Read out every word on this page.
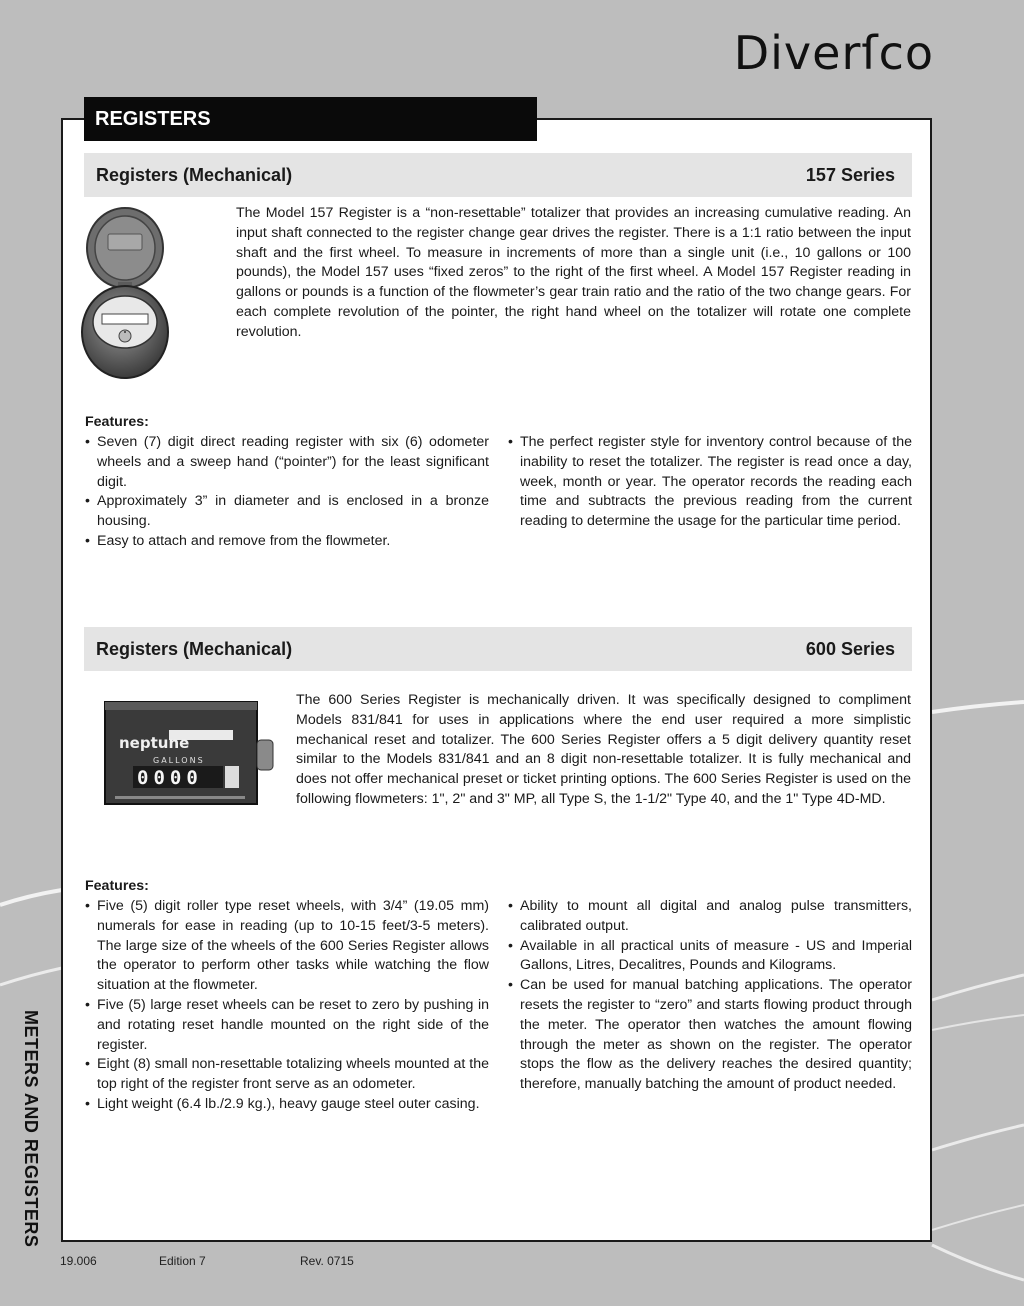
Diverſco
REGISTERS
Registers (Mechanical)	157 Series

The Model 157 Register is a “non-resettable” totalizer that provides an increasing cumulative reading. An input shaft connected to the register change gear drives the register. There is a 1:1 ratio between the input shaft and the first wheel. To measure in increments of more than a single unit (i.e., 10 gallons or 100 pounds), the Model 157 uses “fixed zeros” to the right of the first wheel. A Model 157 Register reading in gallons or pounds is a function of the flowmeter’s gear train ratio and the ratio of the two change gears. For each complete revolution of the pointer, the right hand wheel on the totalizer will rotate one complete revolution.

Features:
• Seven (7) digit direct reading register with six (6) odometer wheels and a sweep hand (“pointer”) for the least significant digit.
• Approximately 3” in diameter and is enclosed in a bronze housing.
• Easy to attach and remove from the flowmeter.
• The perfect register style for inventory control because of the inability to reset the totalizer. The register is read once a day, week, month or year. The operator records the reading each time and subtracts the previous reading from the current reading to determine the usage for the particular time period.
Registers (Mechanical)	600 Series
neptune
GALLONS
0000

The 600 Series Register is mechanically driven. It was specifically designed to compliment Models 831/841 for uses in applications where the end user required a more simplistic mechanical reset and totalizer. The 600 Series Register offers a 5 digit delivery quantity reset similar to the Models 831/841 and an 8 digit non-resettable totalizer. It is fully mechanical and does not offer mechanical preset or ticket printing options. The 600 Series Register is used on the following flowmeters: 1", 2" and 3" MP, all Type S, the 1-1/2" Type 40, and the 1" Type 4D-MD.

Features:
• Five (5) digit roller type reset wheels, with 3/4” (19.05 mm) numerals for ease in reading (up to 10-15 feet/3-5 meters). The large size of the wheels of the 600 Series Register allows the operator to perform other tasks while watching the flow situation at the flowmeter.
• Five (5) large reset wheels can be reset to zero by pushing in and rotating reset handle mounted on the right side of the register.
• Eight (8) small non-resettable totalizing wheels mounted at the top right of the register front serve as an odometer.
• Light weight (6.4 lb./2.9 kg.), heavy gauge steel outer casing.
• Ability to mount all digital and analog pulse transmitters, calibrated output.
• Available in all practical units of measure - US and Imperial Gallons, Litres, Decalitres, Pounds and Kilograms.
• Can be used for manual batching applications. The operator resets the register to “zero” and starts flowing product through the meter. The operator then watches the amount flowing through the meter as shown on the register. The operator stops the flow as the delivery reaches the desired quantity; therefore, manually batching the amount of product needed.
METERS AND REGISTERS
19.006	Edition 7	Rev. 0715
